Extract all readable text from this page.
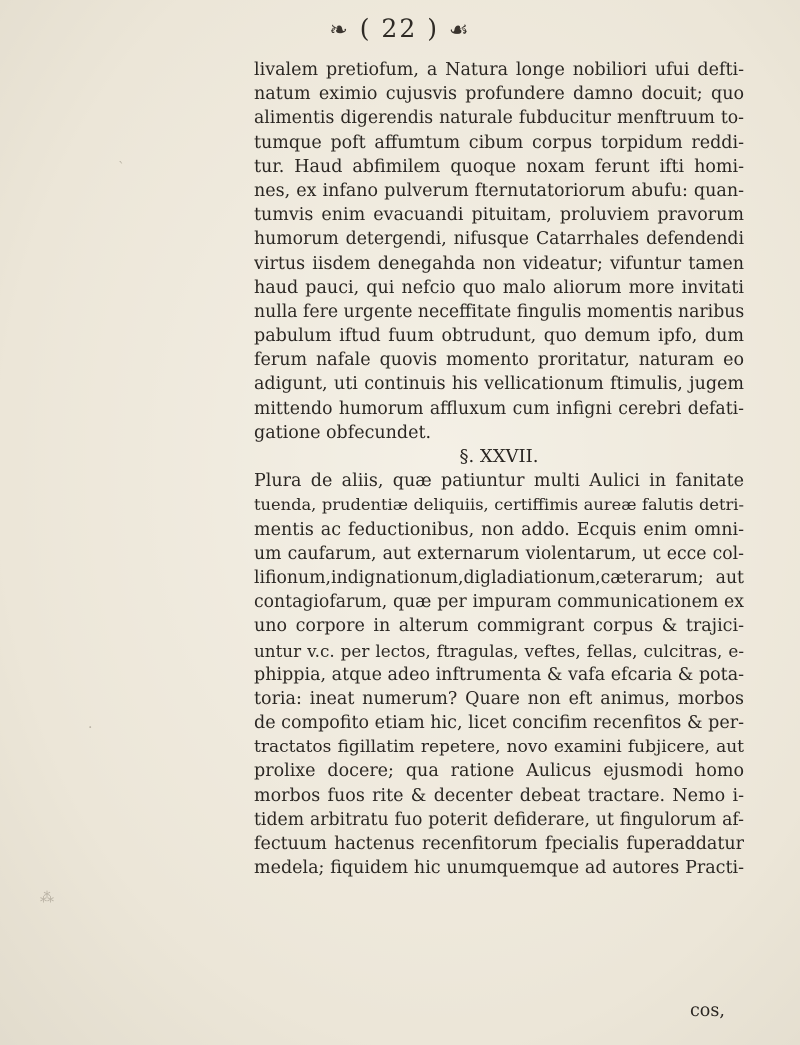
❧ ( 22 ) ☙
livalem pretiofum, a Natura longe nobiliori ufui defti-
natum eximio cujusvis profundere damno docuit; quo
alimentis digerendis naturale fubducitur menftruum to-
tumque poft affumtum cibum corpus torpidum reddi-
tur. Haud abfimilem quoque noxam ferunt ifti homi-
nes, ex infano pulverum fternutatoriorum abufu: quan-
tumvis enim evacuandi pituitam, proluviem pravorum
humorum detergendi, nifusque Catarrhales defendendi
virtus iisdem denegahda non videatur; vifuntur tamen
haud pauci, qui nefcio quo malo aliorum more invitati
nulla fere urgente neceffitate fingulis momentis naribus
pabulum iftud fuum obtrudunt, quo demum ipfo, dum
ferum nafale quovis momento proritatur, naturam eo
adigunt, uti continuis his vellicationum ftimulis, jugem
mittendo humorum affluxum cum infigni cerebri defati-
gatione obfecundet.
§. XXVII.
Plura de aliis, quæ patiuntur multi Aulici in fanitate
tuenda, prudentiæ deliquiis, certiffimis aureæ falutis detri-
mentis ac feductionibus, non addo. Ecquis enim omni-
um caufarum, aut externarum violentarum, ut ecce col-
lifionum,indignationum,digladiationum,cæterarum; aut
contagiofarum, quæ per impuram communicationem ex
uno corpore in alterum commigrant corpus & trajici-
untur v.c. per lectos, ftragulas, veftes, fellas, culcitras, e-
phippia, atque adeo inftrumenta & vafa efcaria & pota-
toria: ineat numerum? Quare non eft animus, morbos
de compofito etiam hic, licet concifim recenfitos & per-
tractatos figillatim repetere, novo examini fubjicere, aut
prolixe docere; qua ratione Aulicus ejusmodi homo
morbos fuos rite & decenter debeat tractare. Nemo i-
tidem arbitratu fuo poterit defiderare, ut fingulorum af-
fectuum hactenus recenfitorum fpecialis fuperaddatur
medela; fiquidem hic unumquemque ad autores Practi-
cos,
ˋ
·
⁂
